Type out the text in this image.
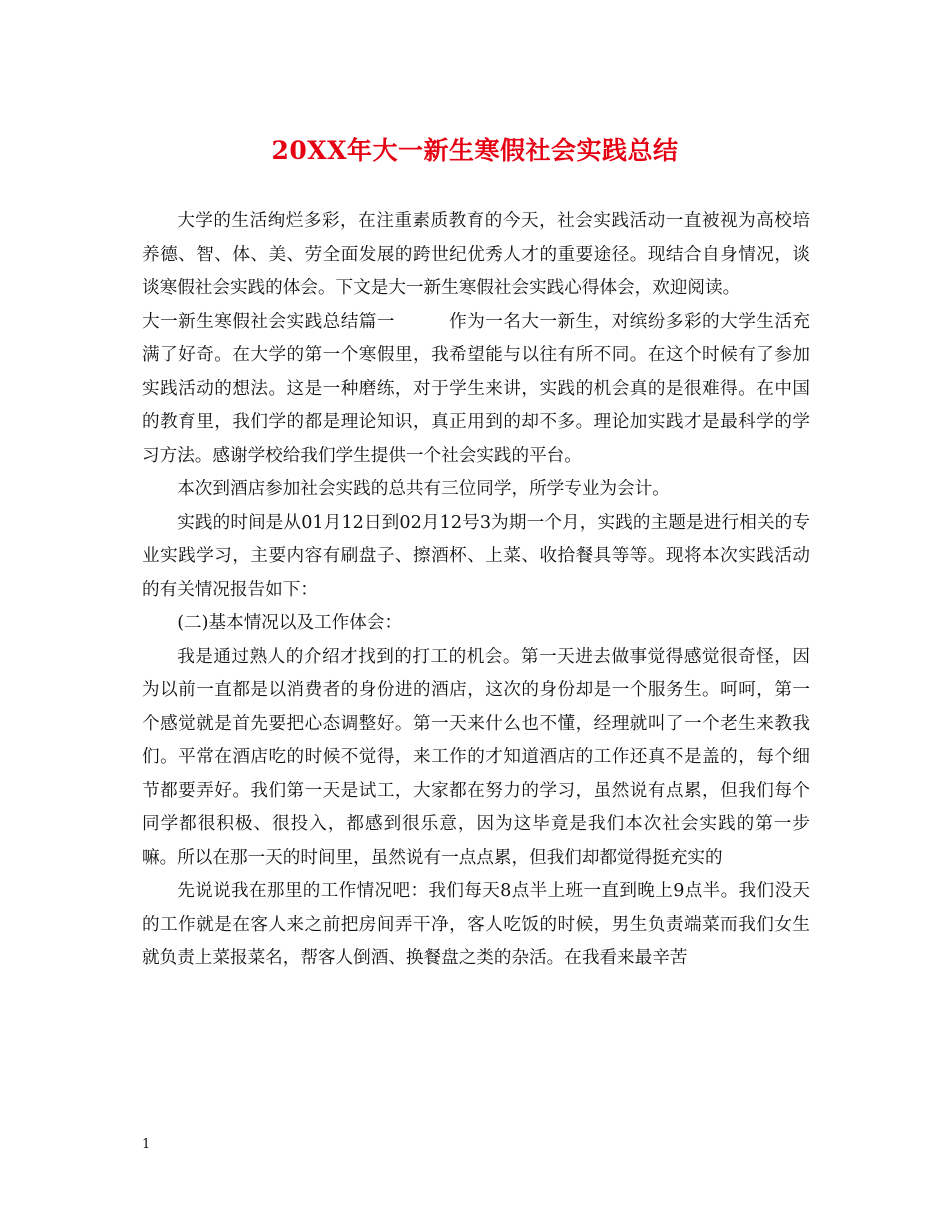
20XX年大一新生寒假社会实践总结

大学的生活绚烂多彩，在注重素质教育的今天，社会实践活动一直被视为高校培养德、智、体、美、劳全面发展的跨世纪优秀人才的重要途径。现结合自身情况，谈谈寒假社会实践的体会。下文是大一新生寒假社会实践心得体会，欢迎阅读。

大一新生寒假社会实践总结篇一　　　作为一名大一新生，对缤纷多彩的大学生活充满了好奇。在大学的第一个寒假里，我希望能与以往有所不同。在这个时候有了参加实践活动的想法。这是一种磨练，对于学生来讲，实践的机会真的是很难得。在中国的教育里，我们学的都是理论知识，真正用到的却不多。理论加实践才是最科学的学习方法。感谢学校给我们学生提供一个社会实践的平台。

本次到酒店参加社会实践的总共有三位同学，所学专业为会计。

实践的时间是从01月12日到02月12号3为期一个月，实践的主题是进行相关的专业实践学习，主要内容有刷盘子、擦酒杯、上菜、收拾餐具等等。现将本次实践活动的有关情况报告如下：

(二)基本情况以及工作体会：

我是通过熟人的介绍才找到的打工的机会。第一天进去做事觉得感觉很奇怪，因为以前一直都是以消费者的身份进的酒店，这次的身份却是一个服务生。呵呵，第一个感觉就是首先要把心态调整好。第一天来什么也不懂，经理就叫了一个老生来教我们。平常在酒店吃的时候不觉得，来工作的才知道酒店的工作还真不是盖的，每个细节都要弄好。我们第一天是试工，大家都在努力的学习，虽然说有点累，但我们每个同学都很积极、很投入，都感到很乐意，因为这毕竟是我们本次社会实践的第一步嘛。所以在那一天的时间里，虽然说有一点点累，但我们却都觉得挺充实的

先说说我在那里的工作情况吧：我们每天8点半上班一直到晚上9点半。我们没天的工作就是在客人来之前把房间弄干净，客人吃饭的时候，男生负责端菜而我们女生就负责上菜报菜名，帮客人倒酒、换餐盘之类的杂活。在我看来最辛苦

1
